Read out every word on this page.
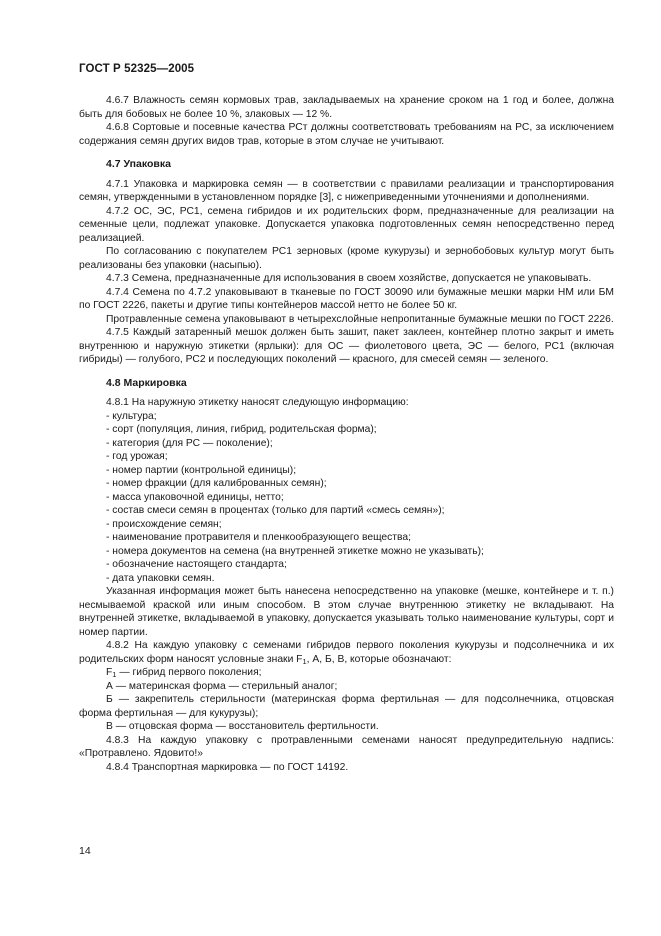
ГОСТ Р 52325—2005

4.6.7 Влажность семян кормовых трав, закладываемых на хранение сроком на 1 год и более, должна быть для бобовых не более 10 %, злаковых — 12 %.

4.6.8 Сортовые и посевные качества РСт должны соответствовать требованиям на РС, за исключением содержания семян других видов трав, которые в этом случае не учитывают.

4.7 Упаковка

4.7.1 Упаковка и маркировка семян — в соответствии с правилами реализации и транспортирования семян, утвержденными в установленном порядке [3], с нижеприведенными уточнениями и дополнениями.

4.7.2 ОС, ЭС, РС1, семена гибридов и их родительских форм, предназначенные для реализации на семенные цели, подлежат упаковке. Допускается упаковка подготовленных семян непосредственно перед реализацией.

По согласованию с покупателем РС1 зерновых (кроме кукурузы) и зернобобовых культур могут быть реализованы без упаковки (насыпью).

4.7.3 Семена, предназначенные для использования в своем хозяйстве, допускается не упаковывать.

4.7.4 Семена по 4.7.2 упаковывают в тканевые по ГОСТ 30090 или бумажные мешки марки НМ или БМ по ГОСТ 2226, пакеты и другие типы контейнеров массой нетто не более 50 кг.

Протравленные семена упаковывают в четырехслойные непропитанные бумажные мешки по ГОСТ 2226.

4.7.5 Каждый затаренный мешок должен быть зашит, пакет заклеен, контейнер плотно закрыт и иметь внутреннюю и наружную этикетки (ярлыки): для ОС — фиолетового цвета, ЭС — белого, РС1 (включая гибриды) — голубого, РС2 и последующих поколений — красного, для смесей семян — зеленого.

4.8 Маркировка

4.8.1 На наружную этикетку наносят следующую информацию:

- культура;
- сорт (популяция, линия, гибрид, родительская форма);
- категория (для РС — поколение);
- год урожая;
- номер партии (контрольной единицы);
- номер фракции (для калиброванных семян);
- масса упаковочной единицы, нетто;
- состав смеси семян в процентах (только для партий «смесь семян»);
- происхождение семян;
- наименование протравителя и пленкообразующего вещества;
- номера документов на семена (на внутренней этикетке можно не указывать);
- обозначение настоящего стандарта;
- дата упаковки семян.

Указанная информация может быть нанесена непосредственно на упаковке (мешке, контейнере и т. п.) несмываемой краской или иным способом. В этом случае внутреннюю этикетку не вкладывают. На внутренней этикетке, вкладываемой в упаковку, допускается указывать только наименование культуры, сорт и номер партии.

4.8.2 На каждую упаковку с семенами гибридов первого поколения кукурузы и подсолнечника и их родительских форм наносят условные знаки $F_1$, А, Б, В, которые обозначают:

$F_1$ — гибрид первого поколения;

А — материнская форма — стерильный аналог;

Б — закрепитель стерильности (материнская форма фертильная — для подсолнечника, отцовская форма фертильная — для кукурузы);

В — отцовская форма — восстановитель фертильности.

4.8.3 На каждую упаковку с протравленными семенами наносят предупредительную надпись: «Протравлено. Ядовито!»

4.8.4 Транспортная маркировка — по ГОСТ 14192.

14
